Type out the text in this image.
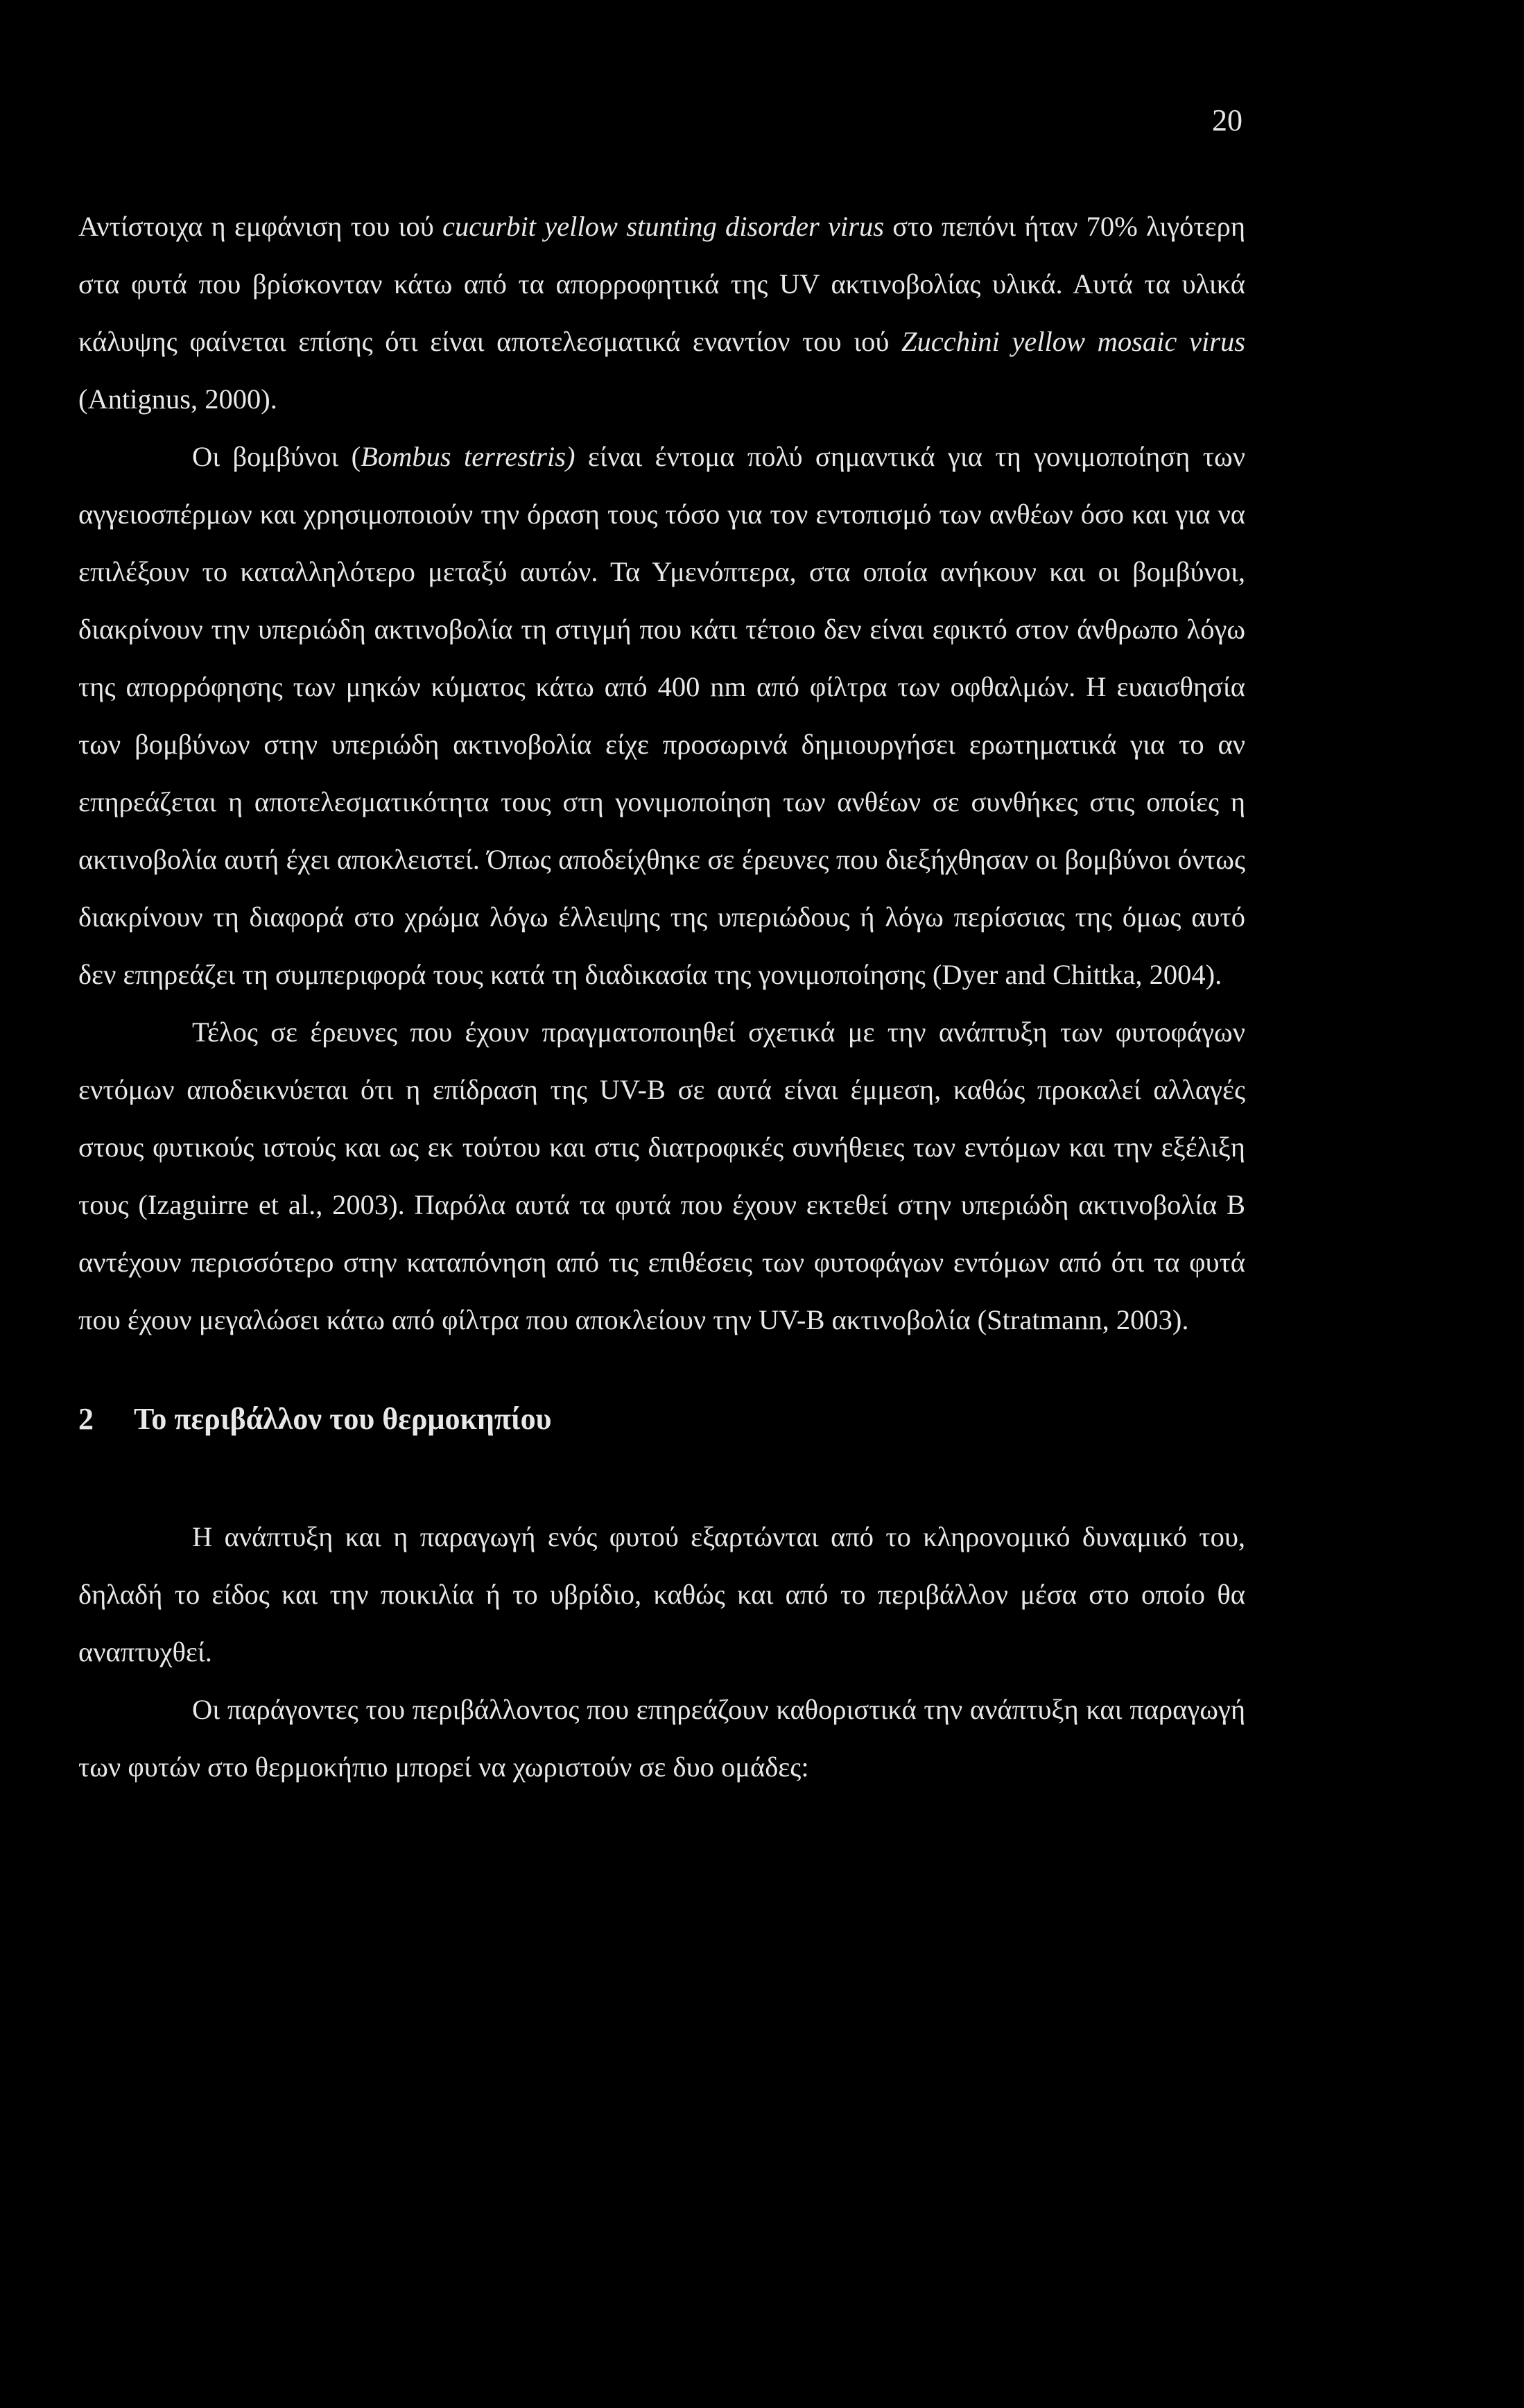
20

Αντίστοιχα η εμφάνιση του ιού cucurbit yellow stunting disorder virus στο πεπόνι ήταν 70% λιγότερη στα φυτά που βρίσκονταν κάτω από τα απορροφητικά της UV ακτινοβολίας υλικά. Αυτά τα υλικά κάλυψης φαίνεται επίσης ότι είναι αποτελεσματικά εναντίον του ιού Zucchini yellow mosaic virus (Antignus, 2000).

Οι βομβύνοι (Bombus terrestris) είναι έντομα πολύ σημαντικά για τη γονιμοποίηση των αγγειοσπέρμων και χρησιμοποιούν την όραση τους τόσο για τον εντοπισμό των ανθέων όσο και για να επιλέξουν το καταλληλότερο μεταξύ αυτών. Τα Υμενόπτερα, στα οποία ανήκουν και οι βομβύνοι, διακρίνουν την υπεριώδη ακτινοβολία τη στιγμή που κάτι τέτοιο δεν είναι εφικτό στον άνθρωπο λόγω της απορρόφησης των μηκών κύματος κάτω από 400 nm από φίλτρα των οφθαλμών. Η ευαισθησία των βομβύνων στην υπεριώδη ακτινοβολία είχε προσωρινά δημιουργήσει ερωτηματικά για το αν επηρεάζεται η αποτελεσματικότητα τους στη γονιμοποίηση των ανθέων σε συνθήκες στις οποίες η ακτινοβολία αυτή έχει αποκλειστεί. Όπως αποδείχθηκε σε έρευνες που διεξήχθησαν οι βομβύνοι όντως διακρίνουν τη διαφορά στο χρώμα λόγω έλλειψης της υπεριώδους ή λόγω περίσσιας της όμως αυτό δεν επηρεάζει τη συμπεριφορά τους κατά τη διαδικασία της γονιμοποίησης (Dyer and Chittka, 2004).

Τέλος σε έρευνες που έχουν πραγματοποιηθεί σχετικά με την ανάπτυξη των φυτοφάγων εντόμων αποδεικνύεται ότι η επίδραση της UV-B σε αυτά είναι έμμεση, καθώς προκαλεί αλλαγές στους φυτικούς ιστούς και ως εκ τούτου και στις διατροφικές συνήθειες των εντόμων και την εξέλιξη τους (Izaguirre et al., 2003). Παρόλα αυτά τα φυτά που έχουν εκτεθεί στην υπεριώδη ακτινοβολία Β αντέχουν περισσότερο στην καταπόνηση από τις επιθέσεις των φυτοφάγων εντόμων από ότι τα φυτά που έχουν μεγαλώσει κάτω από φίλτρα που αποκλείουν την UV-B ακτινοβολία (Stratmann, 2003).

2 Το περιβάλλον του θερμοκηπίου

Η ανάπτυξη και η παραγωγή ενός φυτού εξαρτώνται από το κληρονομικό δυναμικό του, δηλαδή το είδος και την ποικιλία ή το υβρίδιο, καθώς και από το περιβάλλον μέσα στο οποίο θα αναπτυχθεί.

Οι παράγοντες του περιβάλλοντος που επηρεάζουν καθοριστικά την ανάπτυξη και παραγωγή των φυτών στο θερμοκήπιο μπορεί να χωριστούν σε δυο ομάδες:
